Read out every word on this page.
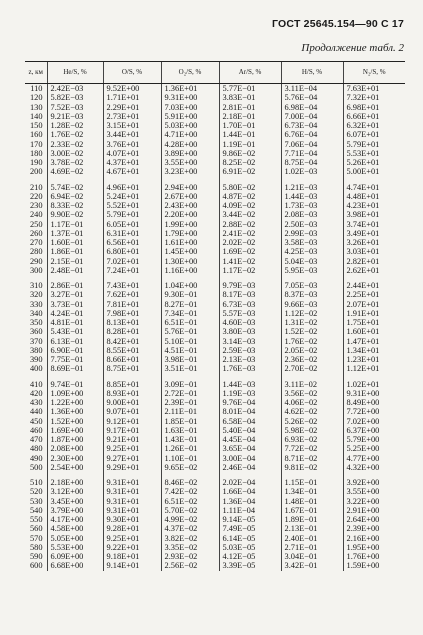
ГОСТ 25645.154—90 С 17
Продолжение табл. 2
z, км	He/S, %	O/S, %	O₂/S, %	Ar/S, %	H/S, %	N₂/S, %
110	2.42E−03	9.52E+00	1.36E+01	5.77E−01	3.11E−04	7.63E+01
120	5.82E−03	1.71E+01	9.31E+00	3.83E−01	5.76E−04	7.32E+01
130	7.52E−03	2.29E+01	7.03E+00	2.81E−01	6.98E−04	6.98E+01
140	9.21E−03	2.73E+01	5.91E+00	2.18E−01	7.00E−04	6.66E+01
150	1.28E−02	3.15E+01	5.03E+00	1.70E−01	6.73E−04	6.32E+01
160	1.76E−02	3.44E+01	4.71E+00	1.44E−01	6.76E−04	6.07E+01
170	2.33E−02	3.76E+01	4.28E+00	1.19E−01	7.06E−04	5.79E+01
180	3.00E−02	4.07E+01	3.89E+00	9.86E−02	7.71E−04	5.53E+01
190	3.78E−02	4.37E+01	3.55E+00	8.25E−02	8.75E−04	5.26E+01
200	4.69E−02	4.67E+01	3.23E+00	6.91E−02	1.02E−03	5.00E+01

210	5.74E−02	4.96E+01	2.94E+00	5.80E−02	1.21E−03	4.74E+01
220	6.94E−02	5.24E+01	2.67E+00	4.87E−02	1.44E−03	4.48E+01
230	8.33E−02	5.52E+01	2.43E+00	4.09E−02	1.73E−03	4.23E+01
240	9.90E−02	5.79E+01	2.20E+00	3.44E−02	2.08E−03	3.98E+01
250	1.17E−01	6.05E+01	1.99E+00	2.88E−02	2.50E−03	3.74E+01
260	1.37E−01	6.31E+01	1.79E+00	2.41E−02	2.99E−03	3.49E+01
270	1.60E−01	6.56E+01	1.61E+00	2.02E−02	3.58E−03	3.26E+01
280	1.86E−01	6.80E+01	1.45E+00	1.69E−02	4.25E−03	3.03E+01
290	2.15E−01	7.02E+01	1.30E+00	1.41E−02	5.04E−03	2.82E+01
300	2.48E−01	7.24E+01	1.16E+00	1.17E−02	5.95E−03	2.62E+01

310	2.86E−01	7.43E+01	1.04E+00	9.79E−03	7.05E−03	2.44E+01
320	3.27E−01	7.62E+01	9.30E−01	8.17E−03	8.37E−03	2.25E+01
330	3.73E−01	7.81E+01	8.27E−01	6.73E−03	9.66E−03	2.07E+01
340	4.24E−01	7.98E+01	7.34E−01	5.57E−03	1.12E−02	1.91E+01
350	4.81E−01	8.13E+01	6.51E−01	4.60E−03	1.31E−02	1.75E+01
360	5.43E−01	8.28E+01	5.76E−01	3.80E−03	1.52E−02	1.60E+01
370	6.13E−01	8.42E+01	5.10E−01	3.14E−03	1.76E−02	1.47E+01
380	6.90E−01	8.55E+01	4.51E−01	2.59E−03	2.05E−02	1.34E+01
390	7.75E−01	8.66E+01	3.98E−01	2.13E−03	2.36E−02	1.23E+01
400	8.69E−01	8.75E+01	3.51E−01	1.76E−03	2.70E−02	1.12E+01

410	9.74E−01	8.85E+01	3.09E−01	1.44E−03	3.11E−02	1.02E+01
420	1.09E+00	8.93E+01	2.72E−01	1.19E−03	3.56E−02	9.31E+00
430	1.22E+00	9.00E+01	2.39E−01	9.76E−04	4.06E−02	8.49E+00
440	1.36E+00	9.07E+01	2.11E−01	8.01E−04	4.62E−02	7.72E+00
450	1.52E+00	9.12E+01	1.85E−01	6.58E−04	5.26E−02	7.02E+00
460	1.69E+00	9.17E+01	1.63E−01	5.40E−04	5.98E−02	6.37E+00
470	1.87E+00	9.21E+01	1.43E−01	4.45E−04	6.93E−02	5.79E+00
480	2.08E+00	9.25E+01	1.26E−01	3.65E−04	7.72E−02	5.25E+00
490	2.30E+00	9.27E+01	1.10E−01	3.00E−04	8.71E−02	4.77E+00
500	2.54E+00	9.29E+01	9.65E−02	2.46E−04	9.81E−02	4.32E+00

510	2.18E+00	9.31E+01	8.46E−02	2.02E−04	1.15E−01	3.92E+00
520	3.12E+00	9.31E+01	7.42E−02	1.66E−04	1.34E−01	3.55E+00
530	3.45E+00	9.31E+01	6.51E−02	1.36E−04	1.48E−01	3.22E+00
540	3.79E+00	9.31E+01	5.70E−02	1.11E−04	1.67E−01	2.91E+00
550	4.17E+00	9.30E+01	4.99E−02	9.14E−05	1.89E−01	2.64E+00
560	4.58E+00	9.28E+01	4.37E−02	7.49E−05	2.13E−01	2.39E+00
570	5.05E+00	9.25E+01	3.82E−02	6.14E−05	2.40E−01	2.16E+00
580	5.53E+00	9.22E+01	3.35E−02	5.03E−05	2.71E−01	1.95E+00
590	6.09E+00	9.18E+01	2.93E−02	4.12E−05	3.04E−01	1.76E+00
600	6.68E+00	9.14E+01	2.56E−02	3.39E−05	3.42E−01	1.59E+00
